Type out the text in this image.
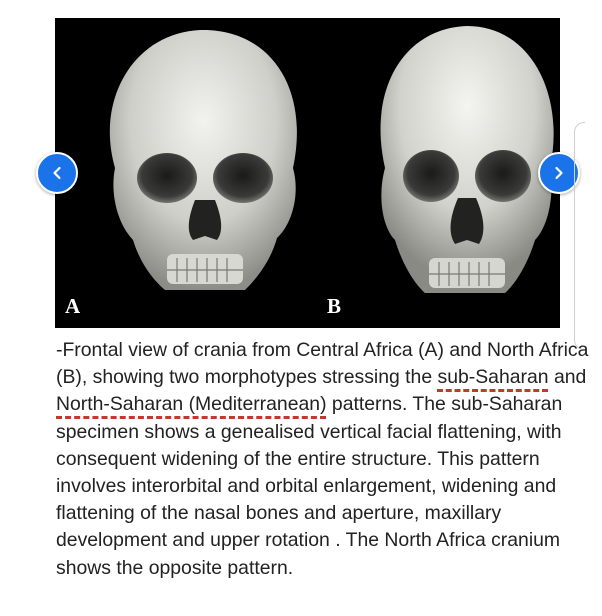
A	B

-Frontal view of crania from Central Africa (A) and North Africa (B), showing two morphotypes stressing the sub-Saharan and North-Saharan (Mediterranean) patterns. The sub-Saharan specimen shows a genealised vertical facial flattening, with consequent widening of the entire structure. This pattern involves interorbital and orbital enlargement, widening and flattening of the nasal bones and aperture, maxillary development and upper rotation . The North Africa cranium shows the opposite pattern.
